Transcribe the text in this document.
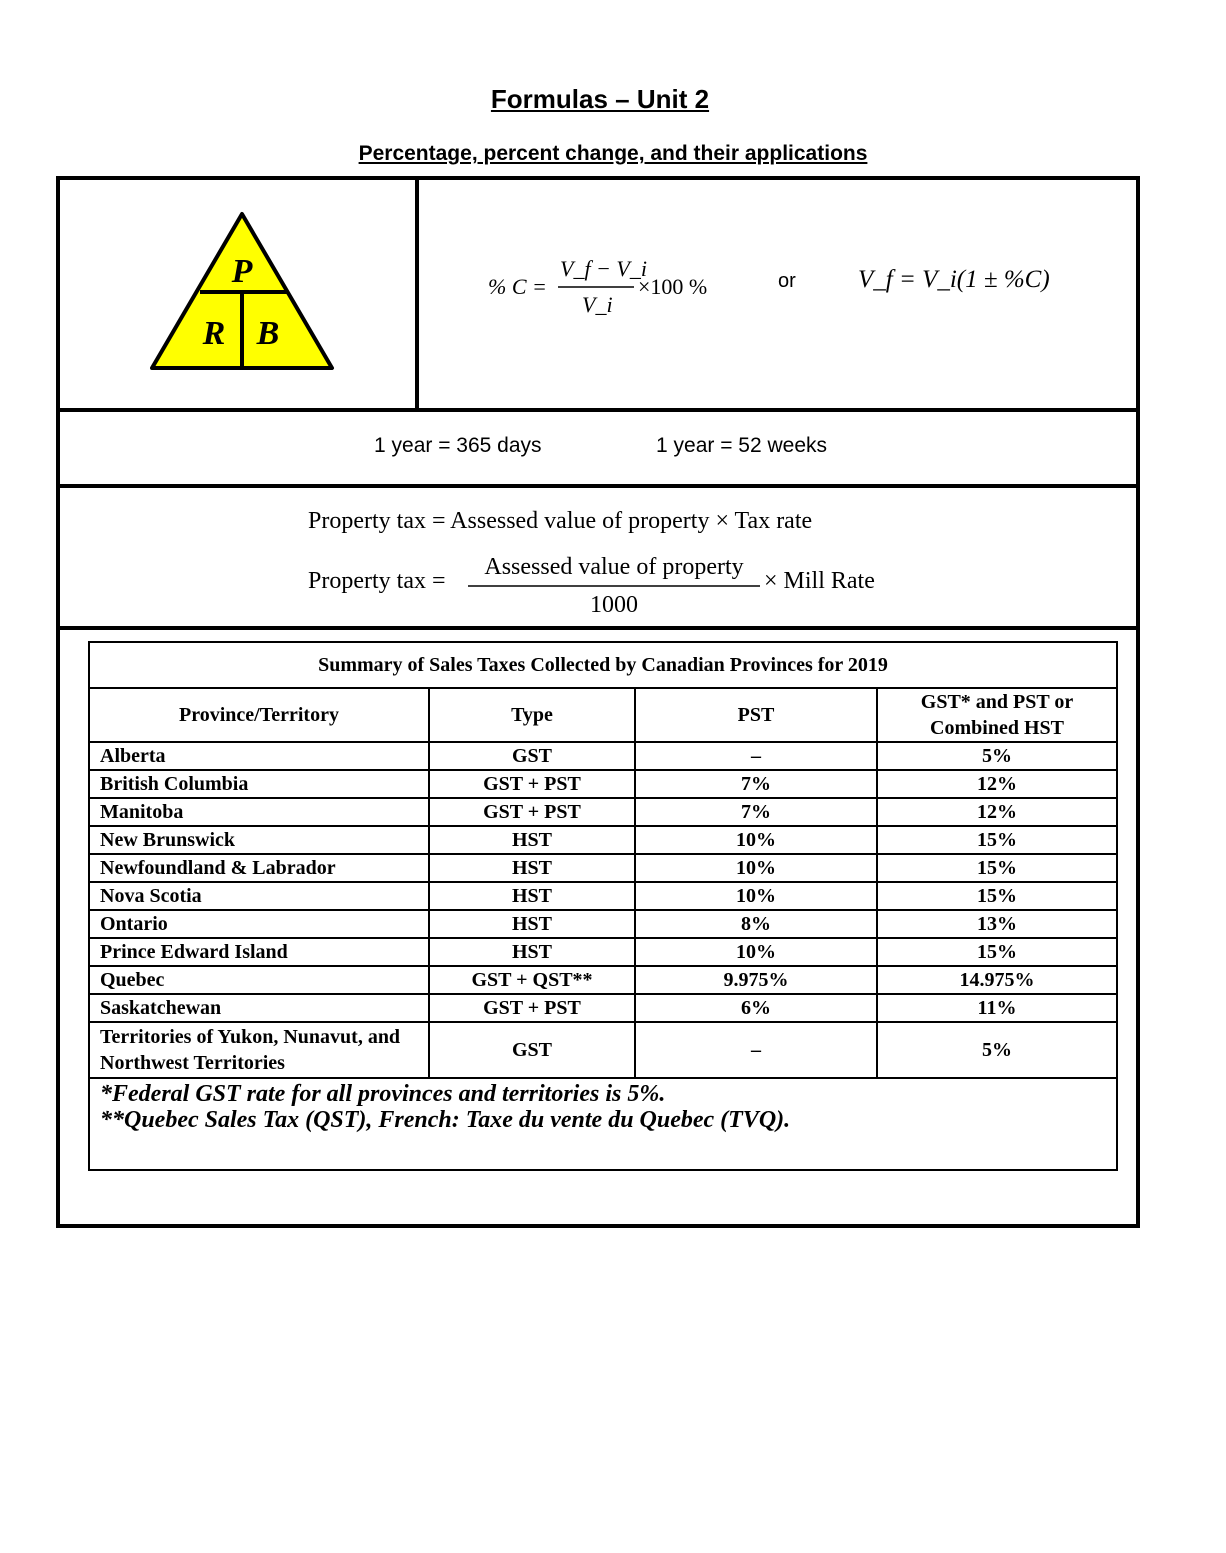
Formulas – Unit 2
Percentage, percent change, and their applications
P
R B
% C =
V_f − V_i
V_i
×100 %	or V_f = V_i(1 ± %C)
1 year = 365 days	1 year = 52 weeks
Property tax = Assessed value of property × Tax rate
Property tax =
Assessed value of property
1000
× Mill Rate
Summary of Sales Taxes Collected by Canadian Provinces for 2019			
Province/Territory	Type	PST	GST* and PST or Combined HST
Alberta	GST	–	5%
British Columbia	GST + PST	7%	12%
Manitoba	GST + PST	7%	12%
New Brunswick	HST	10%	15%
Newfoundland & Labrador	HST	10%	15%
Nova Scotia	HST	10%	15%
Ontario	HST	8%	13%
Prince Edward Island	HST	10%	15%
Quebec	GST + QST**	9.975%	14.975%
Saskatchewan	GST + PST	6%	11%
Territories of Yukon, Nunavut, and Northwest Territories	GST	–	5%

*Federal GST rate for all provinces and territories is 5%.
**Quebec Sales Tax (QST), French: Taxe du vente du Quebec (TVQ).			
